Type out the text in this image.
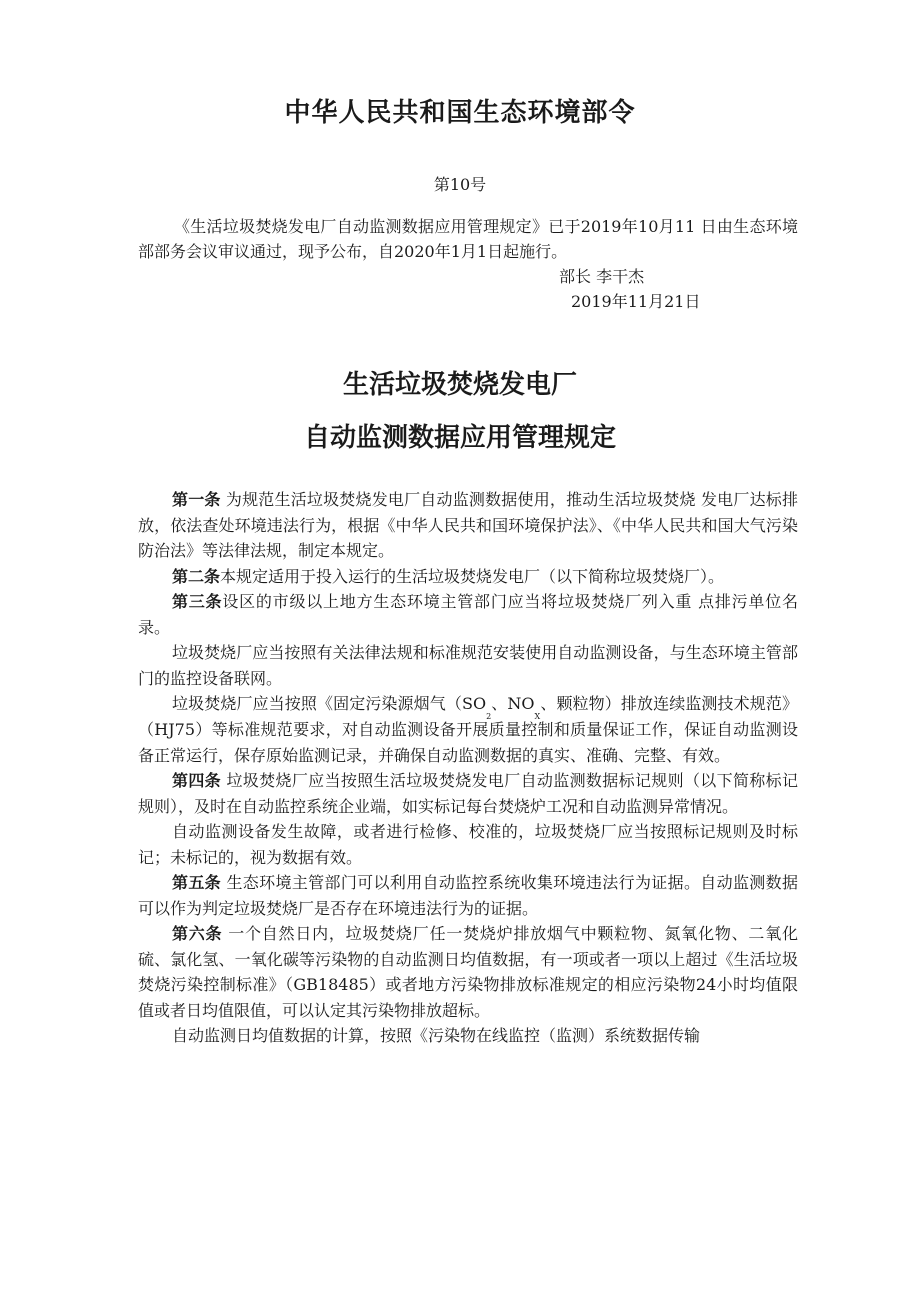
中华人民共和国生态环境部令
第10号
《生活垃圾焚烧发电厂自动监测数据应用管理规定》已于2019年10月11 日由生态环境部部务会议审议通过，现予公布，自2020年1月1日起施行。
部长 李干杰
2019年11月21日
生活垃圾焚烧发电厂
自动监测数据应用管理规定

第一条 为规范生活垃圾焚烧发电厂自动监测数据使用，推动生活垃圾焚烧 发电厂达标排放，依法查处环境违法行为，根据《中华人民共和国环境保护法》、《中华人民共和国大气污染防治法》等法律法规，制定本规定。

第二条本规定适用于投入运行的生活垃圾焚烧发电厂（以下简称垃圾焚烧厂）。

第三条设区的市级以上地方生态环境主管部门应当将垃圾焚烧厂列入重 点排污单位名录。

垃圾焚烧厂应当按照有关法律法规和标准规范安装使用自动监测设备，与生态环境主管部门的监控设备联网。

垃圾焚烧厂应当按照《固定污染源烟气（$SO_2$、$NO_X$、颗粒物）排放连续监测技术规范》（HJ75）等标准规范要求，对自动监测设备开展质量控制和质量保证工作，保证自动监测设备正常运行，保存原始监测记录，并确保自动监测数据的真实、准确、完整、有效。

第四条 垃圾焚烧厂应当按照生活垃圾焚烧发电厂自动监测数据标记规则（以下简称标记规则），及时在自动监控系统企业端，如实标记每台焚烧炉工况和自动监测异常情况。

自动监测设备发生故障，或者进行检修、校准的，垃圾焚烧厂应当按照标记规则及时标记；未标记的，视为数据有效。

第五条 生态环境主管部门可以利用自动监控系统收集环境违法行为证据。自动监测数据可以作为判定垃圾焚烧厂是否存在环境违法行为的证据。

第六条 一个自然日内，垃圾焚烧厂任一焚烧炉排放烟气中颗粒物、氮氧化物、二氧化硫、氯化氢、一氧化碳等污染物的自动监测日均值数据，有一项或者一项以上超过《生活垃圾焚烧污染控制标准》（GB18485）或者地方污染物排放标准规定的相应污染物24小时均值限值或者日均值限值，可以认定其污染物排放超标。

自动监测日均值数据的计算，按照《污染物在线监控（监测）系统数据传输
